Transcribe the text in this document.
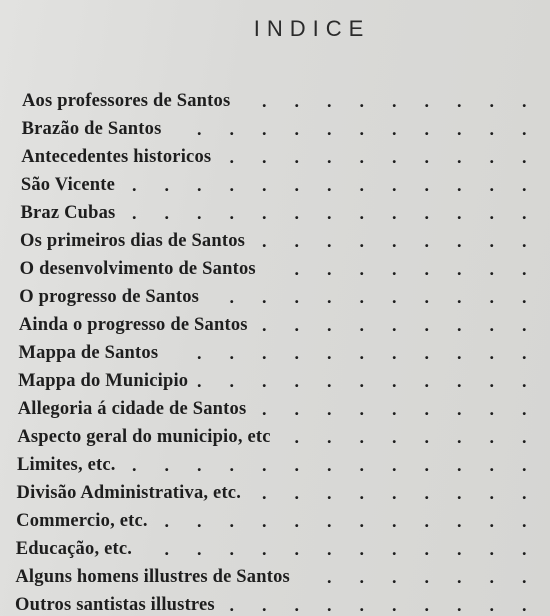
INDICE
Aos professores de Santos . . . . . . . . .
Brazão de Santos . . . . . . . . . . .
Antecedentes historicos . . . . . . . . . .
São Vicente . . . . . . . . . . . . .
Braz Cubas . . . . . . . . . . . . .
Os primeiros dias de Santos . . . . . . . . .
O desenvolvimento de Santos . . . . . . . .
O progresso de Santos . . . . . . . . . .
Ainda o progresso de Santos . . . . . . . . .
Mappa de Santos . . . . . . . . . . .
Mappa do Municipio . . . . . . . . . . .
Allegoria á cidade de Santos . . . . . . . . .
Aspecto geral do municipio, etc . . . . . . . .
Limites, etc. . . . . . . . . . . . . .
Divisão Administrativa, etc. . . . . . . . . .
Commercio, etc. . . . . . . . . . . . .
Educação, etc. . . . . . . . . . . . .
Alguns homens illustres de Santos . . . . . . .
Outros santistas illustres . . . . . . . . . .
